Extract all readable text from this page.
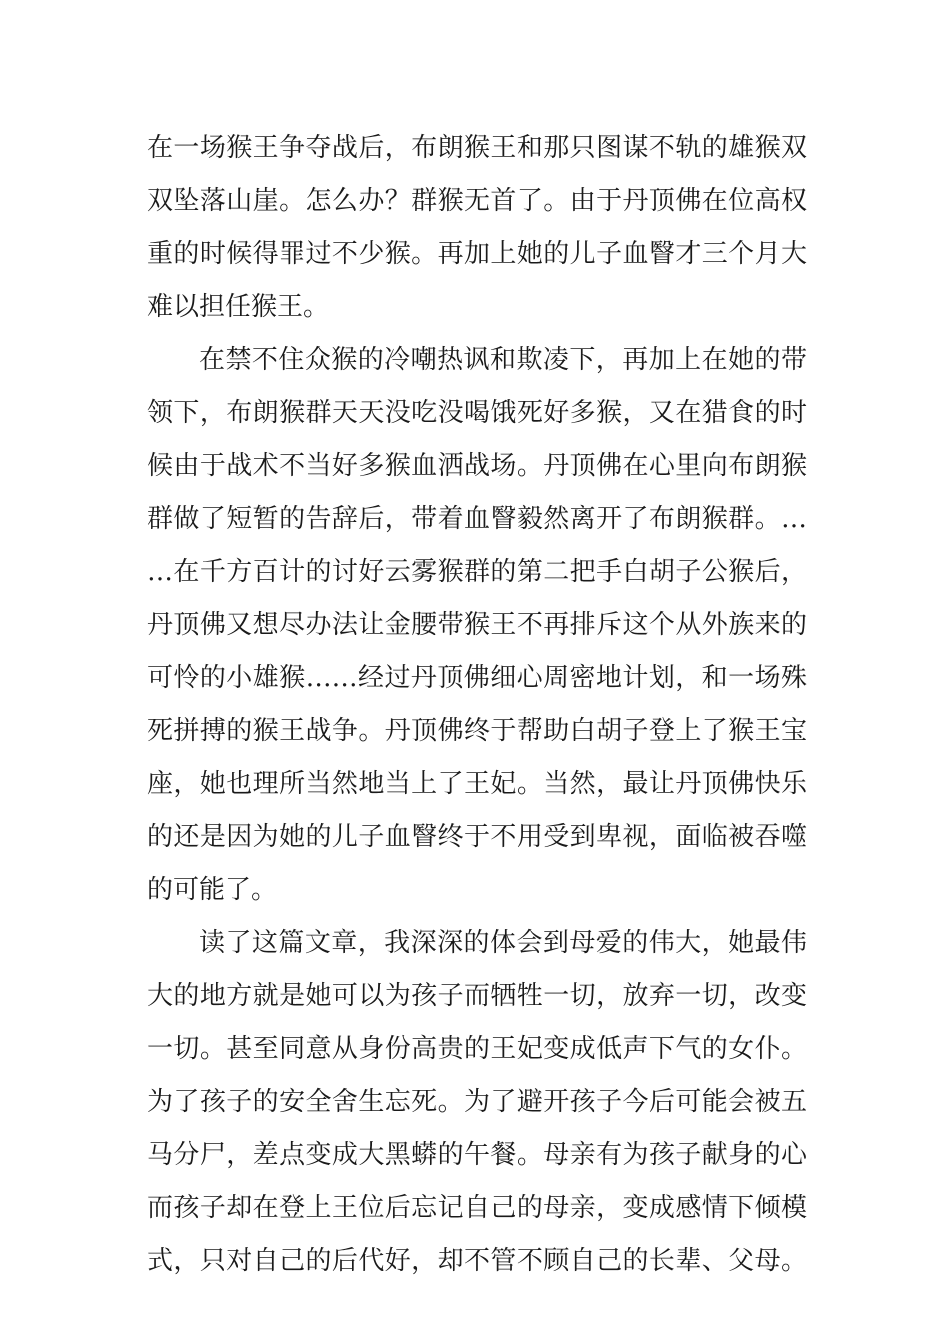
在一场猴王争夺战后，布朗猴王和那只图谋不轨的雄猴双
双坠落山崖。怎么办？群猴无首了。由于丹顶佛在位高权
重的时候得罪过不少猴。再加上她的儿子血瞖才三个月大
难以担任猴王。
在禁不住众猴的冷嘲热讽和欺凌下，再加上在她的带
领下，布朗猴群天天没吃没喝饿死好多猴，又在猎食的时
候由于战术不当好多猴血洒战场。丹顶佛在心里向布朗猴
群做了短暂的告辞后，带着血瞖毅然离开了布朗猴群。…
…在千方百计的讨好云雾猴群的第二把手白胡子公猴后，
丹顶佛又想尽办法让金腰带猴王不再排斥这个从外族来的
可怜的小雄猴……经过丹顶佛细心周密地计划，和一场殊
死拼搏的猴王战争。丹顶佛终于帮助白胡子登上了猴王宝
座，她也理所当然地当上了王妃。当然，最让丹顶佛快乐
的还是因为她的儿子血瞖终于不用受到卑视，面临被吞噬
的可能了。
读了这篇文章，我深深的体会到母爱的伟大，她最伟
大的地方就是她可以为孩子而牺牲一切，放弃一切，改变
一切。甚至同意从身份高贵的王妃变成低声下气的女仆。
为了孩子的安全舍生忘死。为了避开孩子今后可能会被五
马分尸，差点变成大黑蟒的午餐。母亲有为孩子献身的心
而孩子却在登上王位后忘记自己的母亲，变成感情下倾模
式，只对自己的后代好，却不管不顾自己的长辈、父母。
